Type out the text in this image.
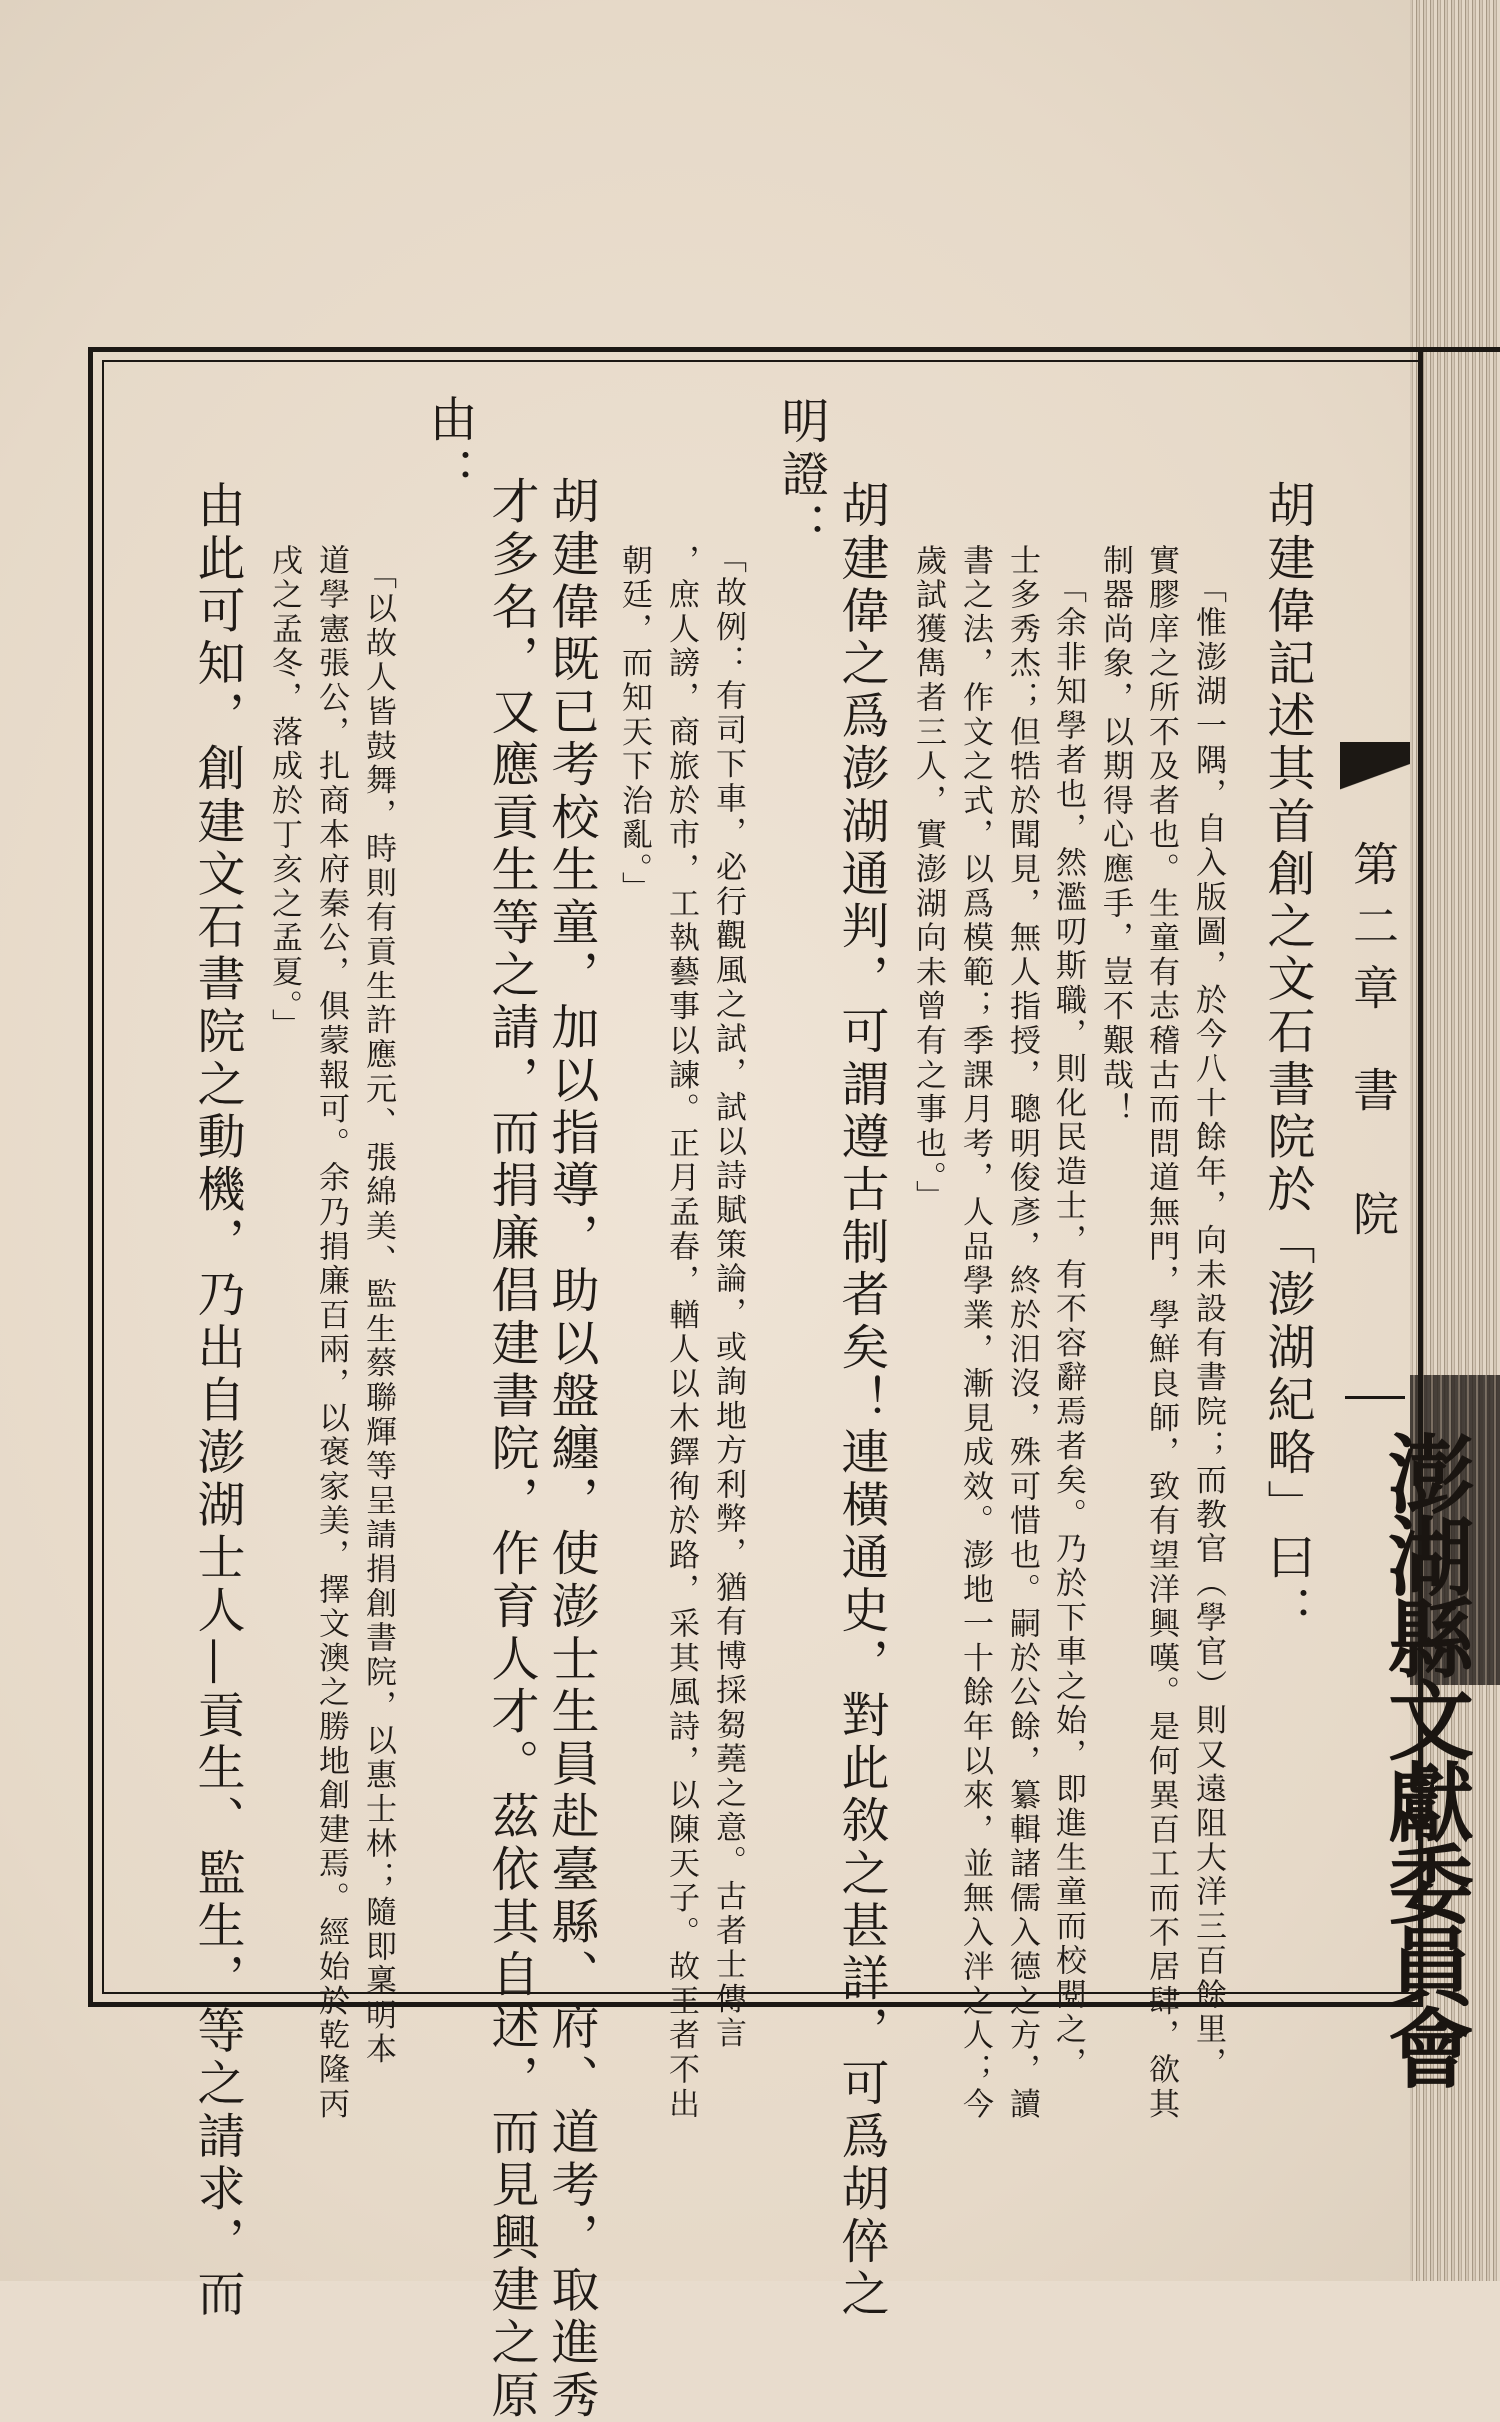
第二章書　院
澎湖縣文獻委員會
胡建偉記述其首創之文石書院於「澎湖紀略」曰：
「惟澎湖一隅，自入版圖，於今八十餘年，向未設有書院；而教官（學官）則又遠阻大洋三百餘里，
實膠庠之所不及者也。生童有志稽古而問道無門，學鮮良師，致有望洋興嘆。是何異百工而不居肆，欲其
制器尚象，以期得心應手，豈不艱哉！
「余非知學者也，然濫叨斯職，則化民造士，有不容辭焉者矣。乃於下車之始，即進生童而校閱之，
士多秀杰；但牿於聞見，無人指授，聰明俊彥，終於汨沒，殊可惜也。嗣於公餘，纂輯諸儒入德之方，讀
書之法，作文之式，以爲模範；季課月考，人品學業，漸見成效。澎地一十餘年以來，並無入泮之人；今
歲試獲雋者三人，實澎湖向未曾有之事也。」
胡建偉之爲澎湖通判，可謂遵古制者矣！連橫通史，對此敘之甚詳，可爲胡倅之
明證：
「故例：有司下車，必行觀風之試，試以詩賦策論，或詢地方利弊，猶有博採芻蕘之意。古者士傳言
，庶人謗，商旅於市，工執藝事以諫。正月孟春，輶人以木鐸徇於路，采其風詩，以陳天子。故王者不出
朝廷，而知天下治亂。」
胡建偉既已考校生童，加以指導，助以盤纏，使澎士生員赴臺縣、府、道考，取進秀
才多名，又應貢生等之請，而捐廉倡建書院，作育人才。茲依其自述，而見興建之原
由：
「以故人皆鼓舞，時則有貢生許應元、張綿美、監生蔡聯輝等呈請捐創書院，以惠士林；隨即稟明本
道學憲張公，扎商本府秦公，俱蒙報可。余乃捐廉百兩，以褒家美，擇文澳之勝地創建焉。經始於乾隆丙
戌之孟冬，落成於丁亥之孟夏。」
由此可知，創建文石書院之動機，乃出自澎湖士人—貢生、監生，等之請求，而
